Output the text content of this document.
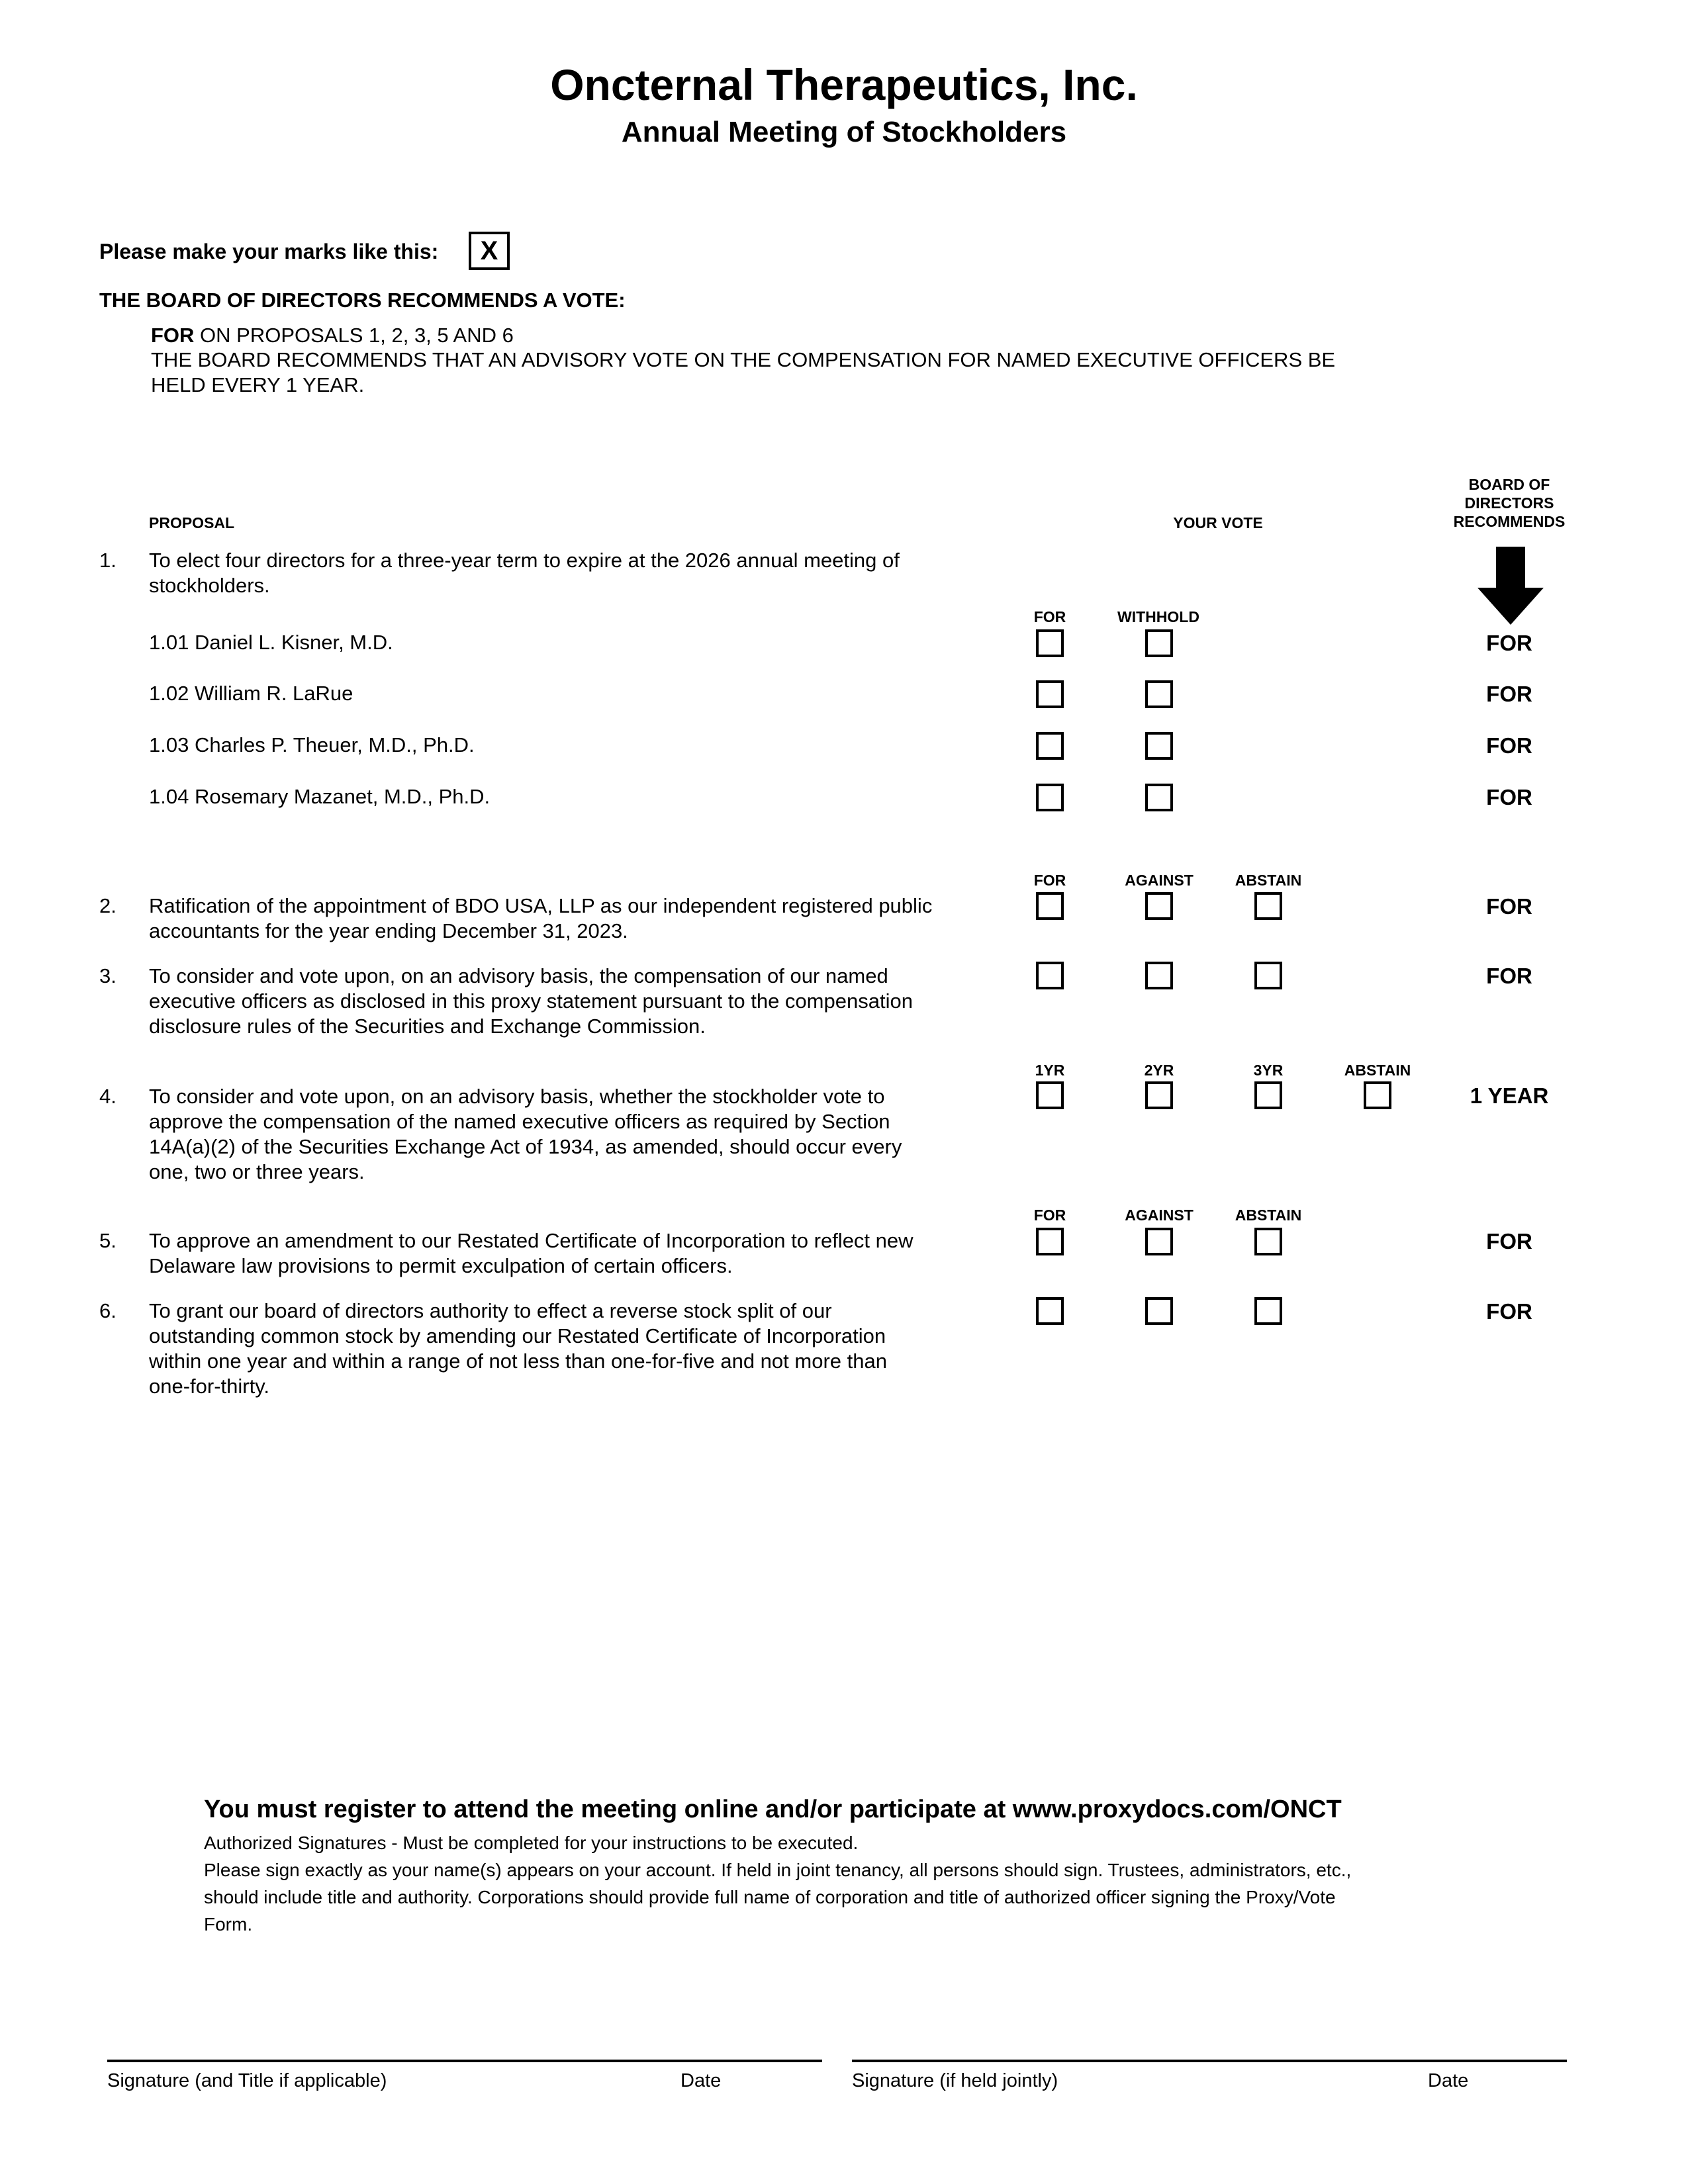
Oncternal Therapeutics, Inc.
Annual Meeting of Stockholders
Please make your marks like this:	X
THE BOARD OF DIRECTORS RECOMMENDS A VOTE:
FOR ON PROPOSALS 1, 2, 3, 5 AND 6
THE BOARD RECOMMENDS THAT AN ADVISORY VOTE ON THE COMPENSATION FOR NAMED EXECUTIVE OFFICERS BE
HELD EVERY 1 YEAR.
PROPOSAL	YOUR VOTE
BOARD OF
DIRECTORS
RECOMMENDS
1. To elect four directors for a three-year term to expire at the 2026 annual meeting of
stockholders.
FOR	WITHHOLD
1.01 Daniel L. Kisner, M.D.	FOR
1.02 William R. LaRue	FOR
1.03 Charles P. Theuer, M.D., Ph.D.	FOR
1.04 Rosemary Mazanet, M.D., Ph.D.	FOR
FOR	AGAINST	ABSTAIN
2. Ratification of the appointment of BDO USA, LLP as our independent registered public
accountants for the year ending December 31, 2023.
FOR
3. To consider and vote upon, on an advisory basis, the compensation of our named
executive officers as disclosed in this proxy statement pursuant to the compensation
disclosure rules of the Securities and Exchange Commission.
FOR
1YR	2YR	3YR	ABSTAIN
4. To consider and vote upon, on an advisory basis, whether the stockholder vote to
approve the compensation of the named executive officers as required by Section
14A(a)(2) of the Securities Exchange Act of 1934, as amended, should occur every
one, two or three years.
1 YEAR
FOR	AGAINST	ABSTAIN
5. To approve an amendment to our Restated Certificate of Incorporation to reflect new
Delaware law provisions to permit exculpation of certain officers.
FOR
6. To grant our board of directors authority to effect a reverse stock split of our
outstanding common stock by amending our Restated Certificate of Incorporation
within one year and within a range of not less than one-for-five and not more than
one-for-thirty.
FOR
You must register to attend the meeting online and/or participate at www.proxydocs.com/ONCT
Authorized Signatures - Must be completed for your instructions to be executed.
Please sign exactly as your name(s) appears on your account. If held in joint tenancy, all persons should sign. Trustees, administrators, etc.,
should include title and authority. Corporations should provide full name of corporation and title of authorized officer signing the Proxy/Vote
Form.
Signature (and Title if applicable)	Date	Signature (if held jointly)	Date
